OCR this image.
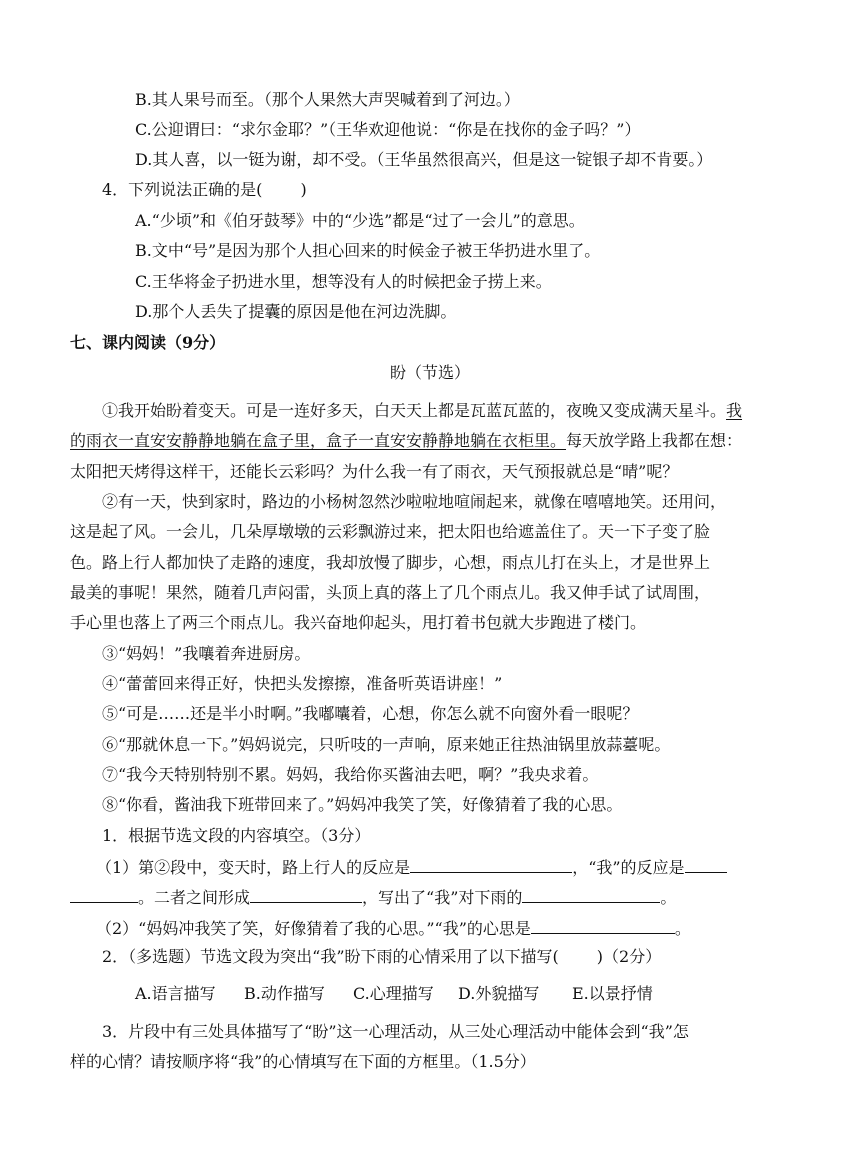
B.其人果号而至。（那个人果然大声哭喊着到了河边。）
C.公迎谓曰：“求尔金耶？”（王华欢迎他说：“你是在找你的金子吗？”）
D.其人喜，以一铤为谢，却不受。（王华虽然很高兴，但是这一锭银子却不肯要。）
4．下列说法正确的是( )
A.“少顷”和《伯牙鼓琴》中的“少选”都是“过了一会儿”的意思。
B.文中“号”是因为那个人担心回来的时候金子被王华扔进水里了。
C.王华将金子扔进水里，想等没有人的时候把金子捞上来。
D.那个人丢失了提囊的原因是他在河边洗脚。
七、课内阅读（9分）
盼（节选）
①我开始盼着变天。可是一连好多天，白天天上都是瓦蓝瓦蓝的，夜晚又变成满天星斗。我
的雨衣一直安安静静地躺在盒子里，盒子一直安安静静地躺在衣柜里。每天放学路上我都在想：
太阳把天烤得这样干，还能长云彩吗？为什么我一有了雨衣，天气预报就总是“晴”呢？
②有一天，快到家时，路边的小杨树忽然沙啦啦地喧闹起来，就像在嘻嘻地笑。还用问，
这是起了风。一会儿，几朵厚墩墩的云彩飘游过来，把太阳也给遮盖住了。天一下子变了脸
色。路上行人都加快了走路的速度，我却放慢了脚步，心想，雨点儿打在头上，才是世界上
最美的事呢！果然，随着几声闷雷，头顶上真的落上了几个雨点儿。我又伸手试了试周围，
手心里也落上了两三个雨点儿。我兴奋地仰起头，甩打着书包就大步跑进了楼门。
③“妈妈！”我嚷着奔进厨房。
④“蕾蕾回来得正好，快把头发擦擦，准备听英语讲座！”
⑤“可是……还是半小时啊。”我嘟囔着，心想，你怎么就不向窗外看一眼呢？
⑥“那就休息一下。”妈妈说完，只听吱的一声响，原来她正往热油锅里放蒜薹呢。
⑦“我今天特别特别不累。妈妈，我给你买酱油去吧，啊？”我央求着。
⑧“你看，酱油我下班带回来了。”妈妈冲我笑了笑，好像猜着了我的心思。
1．根据节选文段的内容填空。（3分）
（1）第②段中，变天时，路上行人的反应是	，“我”的反应是
。二者之间形成	，写出了“我”对下雨的	。
（2）“妈妈冲我笑了笑，好像猜着了我的心思。”“我”的心思是	。
2．（多选题）节选文段为突出“我”盼下雨的心情采用了以下描写( )（2分）
A.语言描写 B.动作描写 C.心理描写 D.外貌描写 E.以景抒情
3．片段中有三处具体描写了“盼”这一心理活动，从三处心理活动中能体会到“我”怎
样的心情？请按顺序将“我”的心情填写在下面的方框里。（1.5分）
